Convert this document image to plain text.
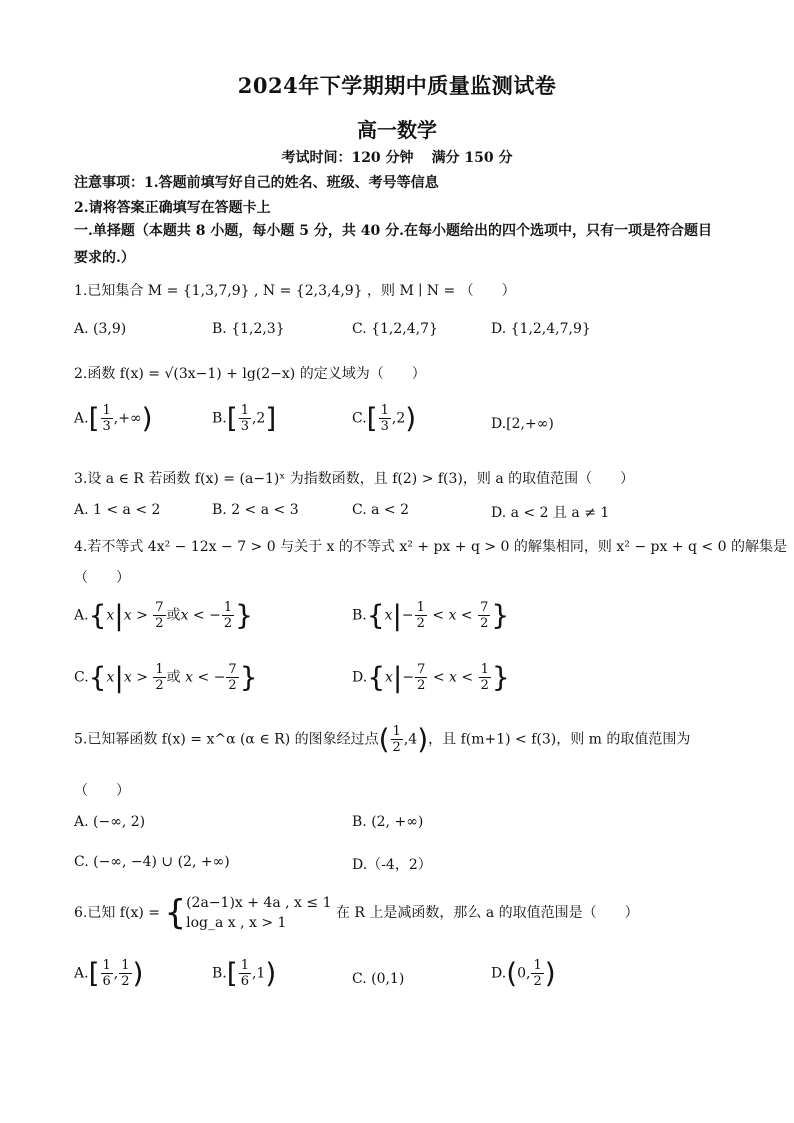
2024年下学期期中质量监测试卷
高一数学
考试时间：120 分钟 满分 150 分
注意事项：1.答题前填写好自己的姓名、班级、考号等信息
2.请将答案正确填写在答题卡上
一.单择题（本题共 8 小题，每小题 5 分，共 40 分.在每小题给出的四个选项中，只有一项是符合题目要求的.）
1.已知集合 M = {1,3,7,9} , N = {2,3,4,9} ，则 M ∣ N = （　　）
A. (3,9)	B. {1,2,3}	C. {1,2,4,7}	D. {1,2,4,7,9}
2.函数 f(x) = √(3x−1) + lg(2−x) 的定义域为（　　）
$A.[ \frac{1}{3}$ ,+∞)	$B.[ \frac{1}{3} ,2]$	$C.[ \frac{1}{3} ,2)$	D.[2,+∞)
3.设 a ∈ R 若函数 f(x) = (a−1)ˣ 为指数函数，且 f(2) > f(3)，则 a 的取值范围（　　）
A. 1 < a < 2	B. 2 < a < 3	C. a < 2	D. a < 2 且 a ≠ 1
4.若不等式 4x² − 12x − 7 > 0 与关于 x 的不等式 x² + px + q > 0 的解集相同，则 x² − px + q < 0 的解集是
（　　）
$A.\{x|x > \frac{7}{2}$ 或x < − $\frac{1}{2}$ }	$B.\{x|- \frac{1}{2} < x < \frac{7}{2}$ }
$C.\{x|x > \frac{1}{2}$ 或 x < − $\frac{7}{2}$ }	$D.\{x|- \frac{7}{2} < x < \frac{1}{2}$ }
5.已知幂函数 f(x) = x^α (α ∈ R) 的图象经过点( $\frac{1}{2} ,4$)，且 f(m+1) < f(3)，则 m 的取值范围为
（　　）
A. (−∞, 2)	B. (2, +∞)
C. (−∞, −4) ∪ (2, +∞)	D.（-4，2）
6.已知 f(x) = { (2a−1)x + 4a , x ≤ 1
log_a x , x > 1
在 R 上是减函数，那么 a 的取值范围是（　　）
$A.[ \frac{1}{6}$ , $\frac{1}{2}$ )	$B.[ \frac{1}{6} ,1)$	C. (0,1)	D.(0, $\frac{1}{2}$ )
